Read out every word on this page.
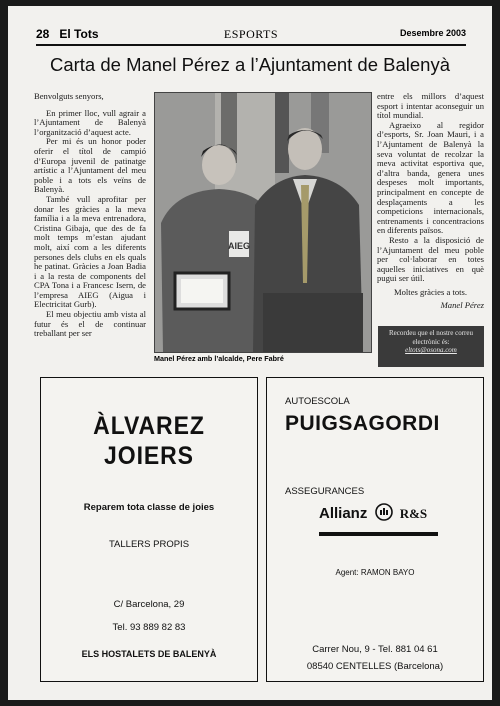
28 El Tots	ESPORTS	Desembre 2003
Carta de Manel Pérez a l’Ajuntament de Balenyà

Benvolguts senyors,

En primer lloc, vull agrair a l’Ajuntament de Balenyà l’organització d’aquest acte.

Per mi és un honor poder oferir el títol de campió d’Europa juvenil de patinatge artístic a l’Ajuntament del meu poble i a tots els veïns de Balenyà.

També vull aprofitar per donar les gràcies a la meva família i a la meva entrenadora, Cristina Gibaja, que des de fa molt temps m’estan ajudant molt, així com a les diferents persones dels clubs en els quals he patinat. Gràcies a Joan Badia i a la resta de components del CPA Tona i a Francesc Isern, de l’empresa AIEG (Aigua i Electricitat Gurb).

El meu objectiu amb vista al futur és el de continuar treballant per ser

AIEG
Manel Pérez amb l’alcalde, Pere Fabré

entre els millors d’aquest esport i intentar aconseguir un títol mundial.

Agraeixo al regidor d’esports, Sr. Joan Mauri, i a l’Ajuntament de Balenyà la seva voluntat de recolzar la meva activitat esportiva que, d’altra banda, genera unes despeses molt importants, principalment en concepte de desplaçaments a les competicions internacionals, entrenaments i concentracions en diferents països.

Resto a la disposició de l’Ajuntament del meu poble per col·laborar en totes aquelles iniciatives en què pugui ser útil.

Moltes gràcies a tots.

Manel Pérez

Recordeu que el nostre correu
electrònic és:
eltots@osona.com
ÀLVAREZ
JOIERS
Reparem tota classe de joies
TALLERS PROPIS
C/ Barcelona, 29
Tel. 93 889 82 83
ELS HOSTALETS DE BALENYÀ
AUTOESCOLA
PUIGSAGORDI
ASSEGURANCES
Allianz R&S
Agent: RAMON BAYO
Carrer Nou, 9 - Tel. 881 04 61
08540 CENTELLES (Barcelona)
